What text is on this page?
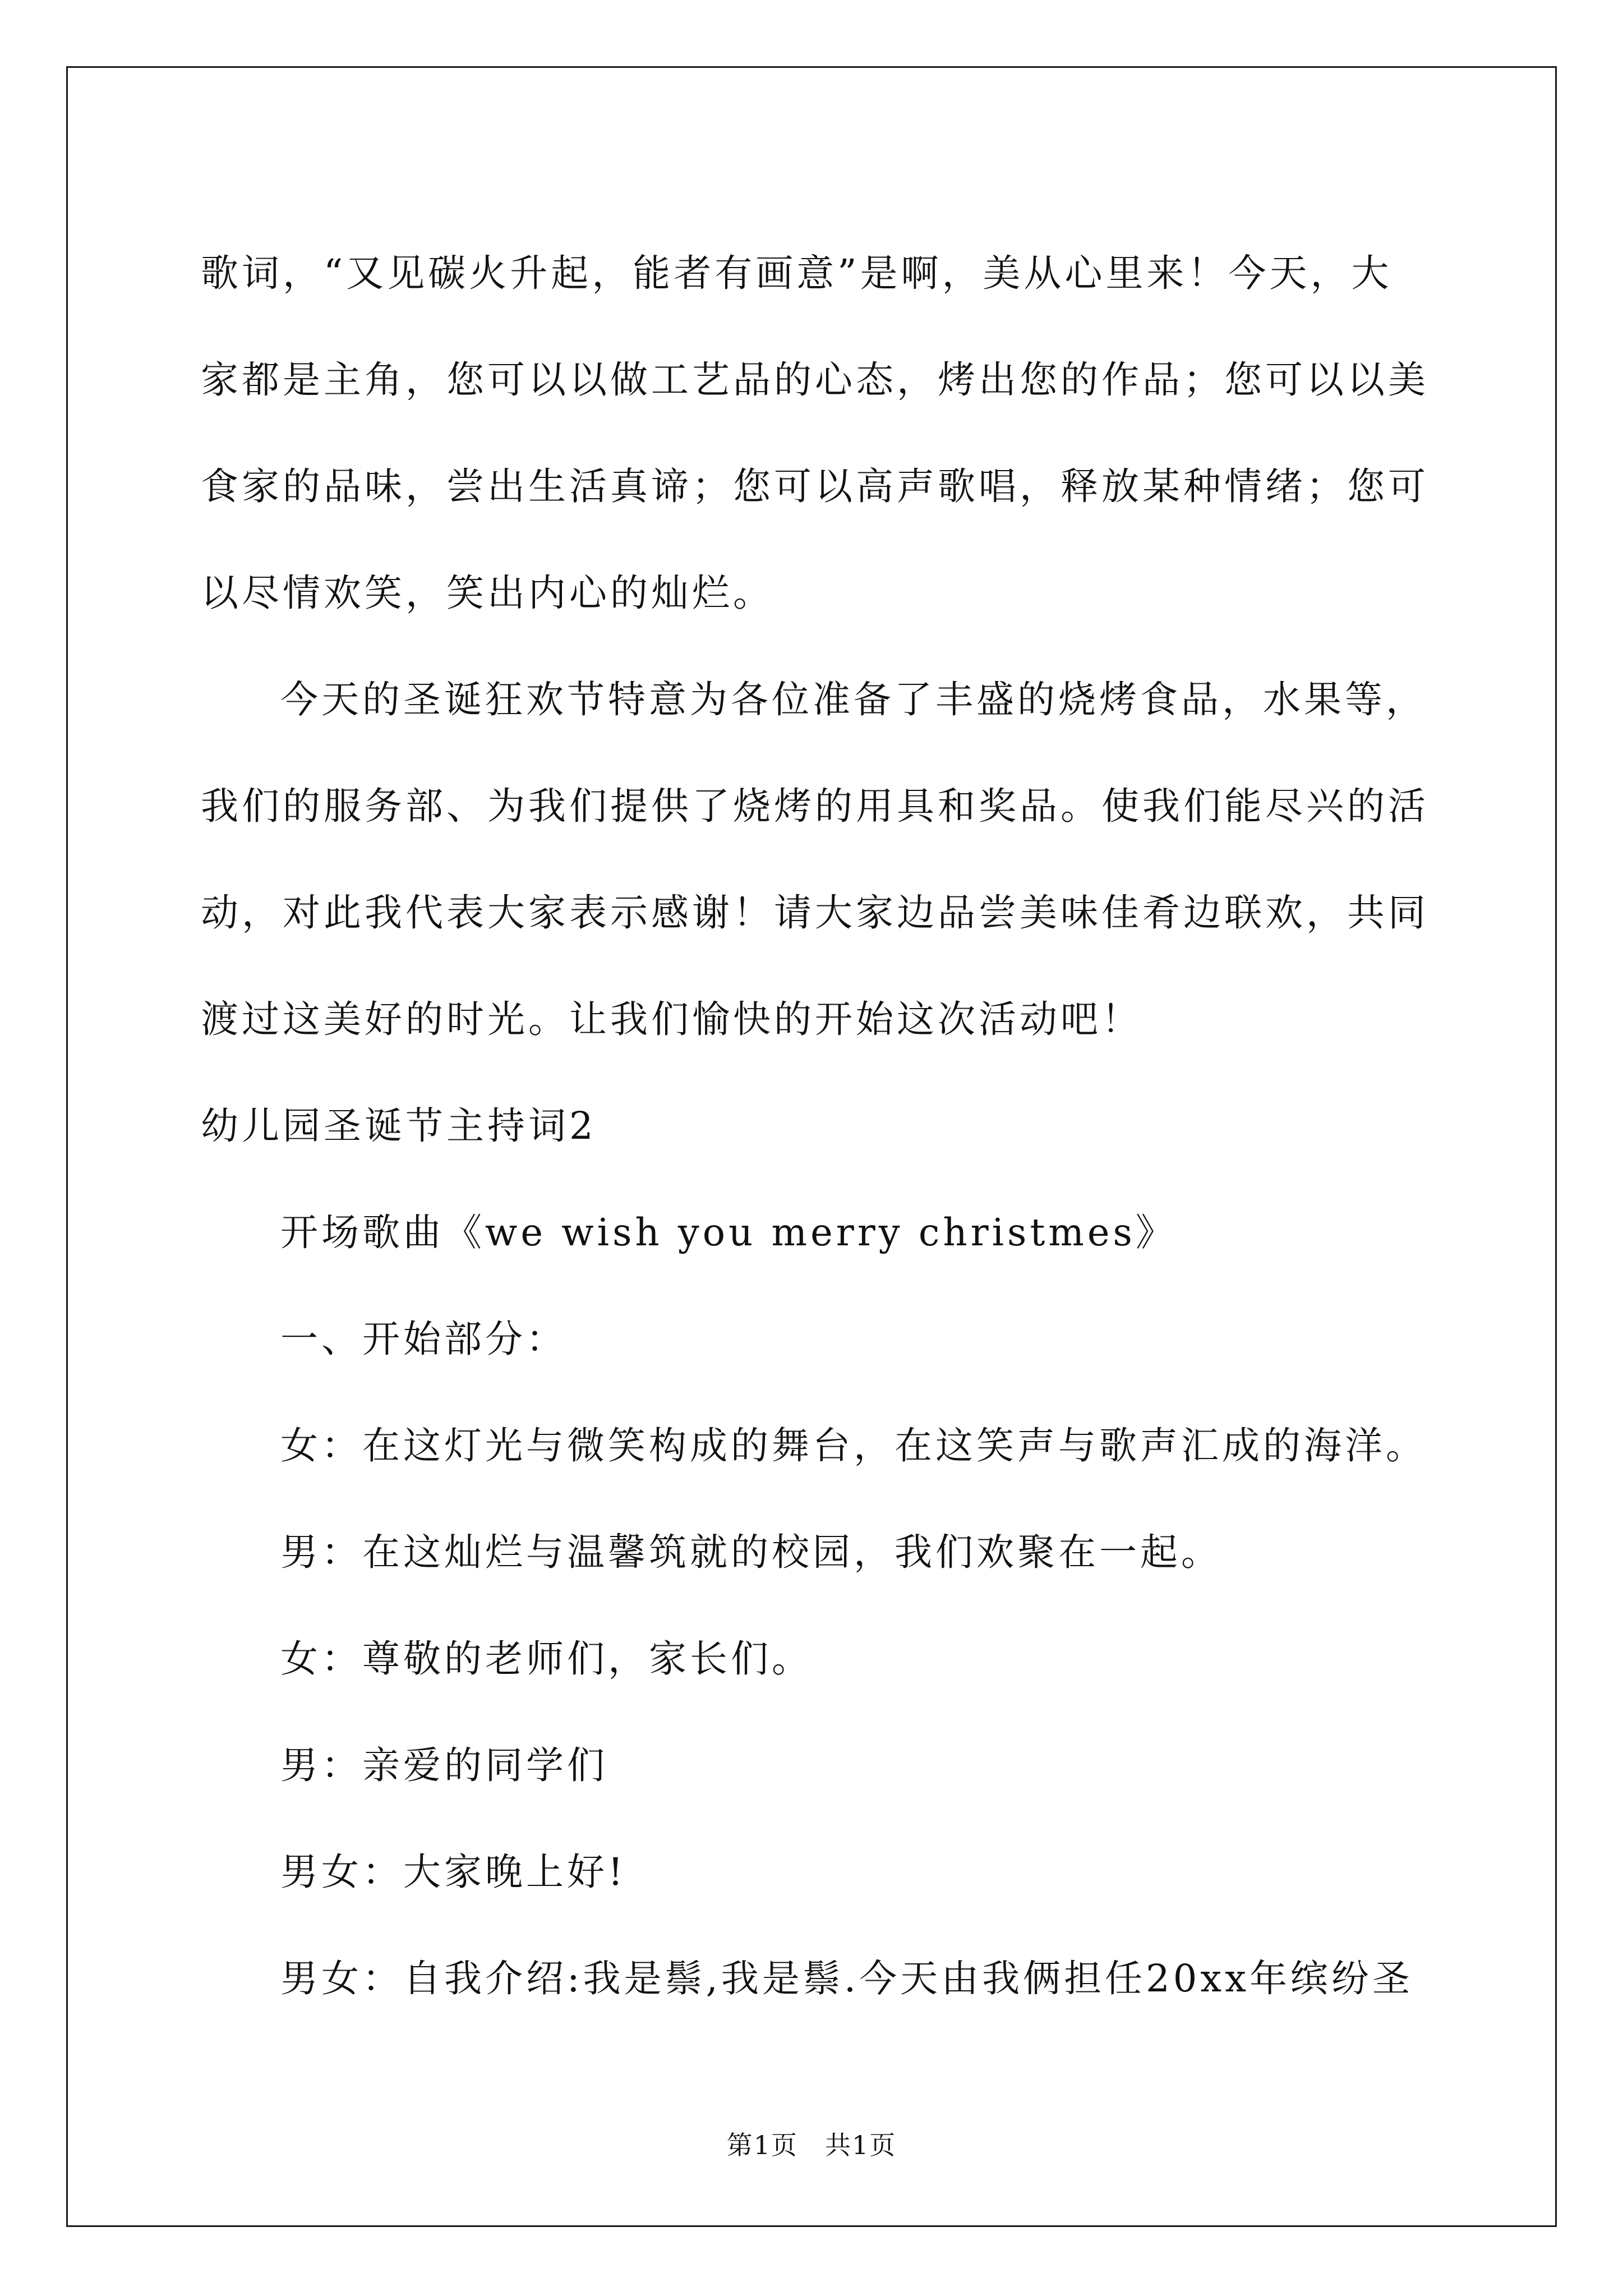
歌词，“又见碳火升起，能者有画意”是啊，美从心里来！今天，大家都是主角，您可以以做工艺品的心态，烤出您的作品；您可以以美食家的品味，尝出生活真谛；您可以高声歌唱，释放某种情绪；您可以尽情欢笑，笑出内心的灿烂。

今天的圣诞狂欢节特意为各位准备了丰盛的烧烤食品，水果等，我们的服务部、为我们提供了烧烤的用具和奖品。使我们能尽兴的活动，对此我代表大家表示感谢！请大家边品尝美味佳肴边联欢，共同渡过这美好的时光。让我们愉快的开始这次活动吧！

幼儿园圣诞节主持词2

开场歌曲《we wish you merry christmes》

一、开始部分：

女：在这灯光与微笑构成的舞台，在这笑声与歌声汇成的海洋。

男：在这灿烂与温馨筑就的校园，我们欢聚在一起。

女：尊敬的老师们，家长们。

男：亲爱的同学们

男女：大家晚上好!

男女：自我介绍:我是鬃,我是鬃.今天由我俩担任20xx年缤纷圣

第1页 共1页
